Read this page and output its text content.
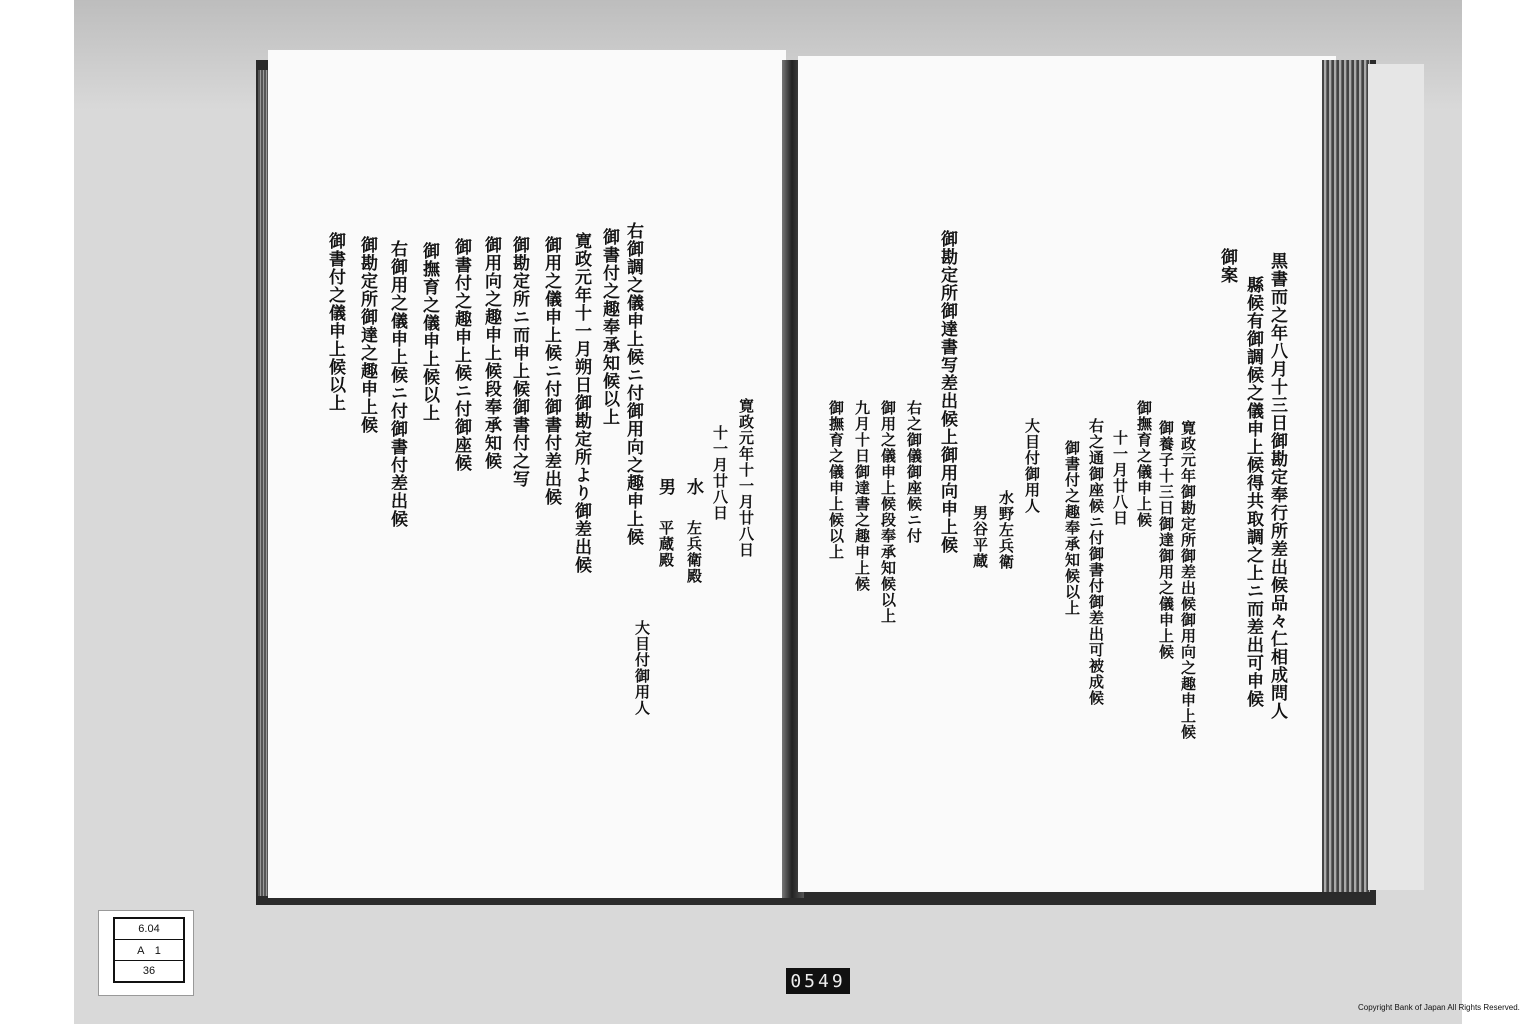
黒書而之年八月十三日御勘定奉行所差出候品々仁相成問人
縣候有御調候之儀申上候得共取調之上ニ而差出可申候
御案
寛政元年御勘定所御差出候御用向之趣申上候
御養子十三日御達御用之儀申上候
御撫育之儀申上候
十一月廿八日
右之通御座候ニ付御書付御差出可被成候
御書付之趣奉承知候以上
大目付御用人
水野左兵衛
男谷平蔵
御勘定所御達書写差出候上御用向申上候
右之御儀御座候ニ付
御用之儀申上候段奉承知候以上
九月十日御達書之趣申上候
御撫育之儀申上候以上
寛政元年十一月廿八日
十一月廿八日
水
男
左兵衛殿
平蔵殿
大目付御用人
右御調之儀申上候ニ付御用向之趣申上候
御書付之趣奉承知候以上
寛政元年十一月朔日御勘定所より御差出候
御用之儀申上候ニ付御書付差出候
御勘定所ニ而申上候御書付之写
御用向之趣申上候段奉承知候
御書付之趣申上候ニ付御座候
御撫育之儀申上候以上
右御用之儀申上候ニ付御書付差出候
御勘定所御達之趣申上候
御書付之儀申上候以上
6.04
A　1
36	0549
Copyright Bank of Japan All Rights Reserved.
